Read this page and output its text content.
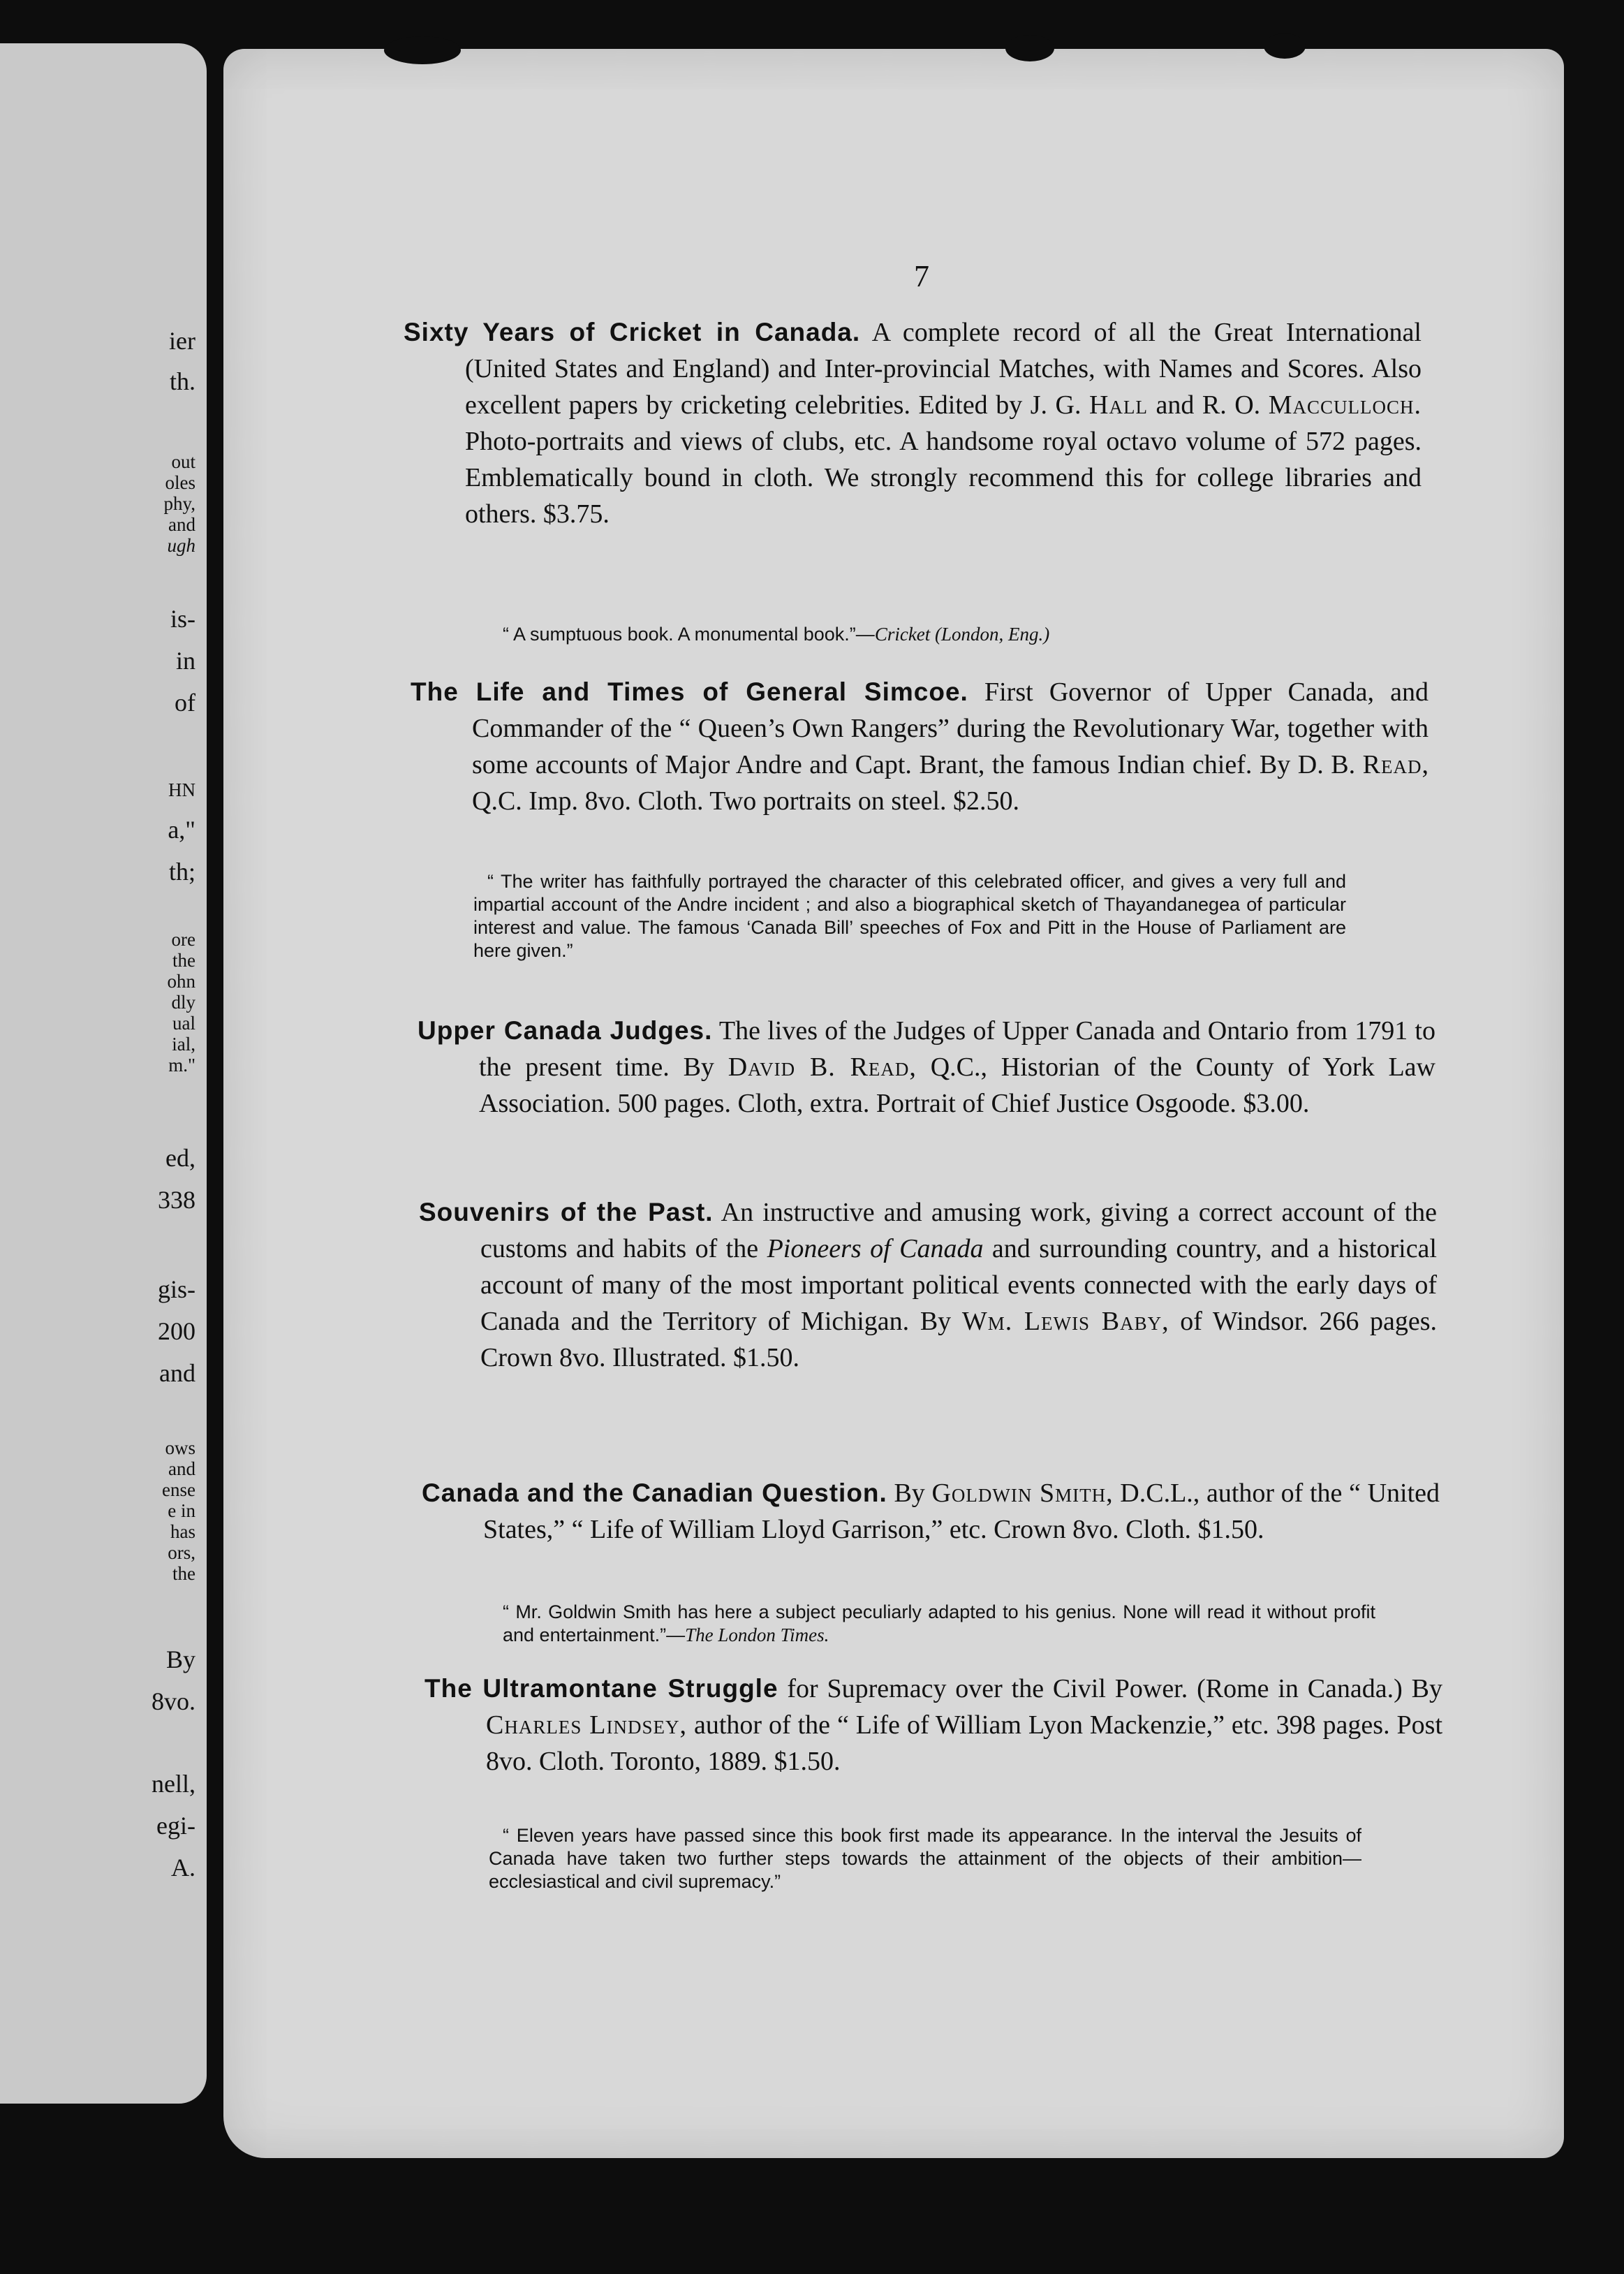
ier
th.
out
oles
phy,
and
ugh
is-
in
of
HN
a,"
th;
ore
the
ohn
dly
ual
ial,
m."
ed,
338
gis-
200
and
ows
and
ense
e in
has
ors,
the
By
8vo.
nell,
egi-
A.
7
Sixty Years of Cricket in Canada. A complete record of all the Great International (United States and England) and Inter-provincial Matches, with Names and Scores. Also excellent papers by cricketing celebrities. Edited by J. G. Hall and R. O. Macculloch. Photo-portraits and views of clubs, etc. A handsome royal octavo volume of 572 pages. Emblematically bound in cloth. We strongly recommend this for college libraries and others. $3.75.
“ A sumptuous book. A monumental book.”—Cricket (London, Eng.)
The Life and Times of General Simcoe. First Governor of Upper Canada, and Commander of the “ Queen’s Own Rangers” during the Revolutionary War, together with some accounts of Major Andre and Capt. Brant, the famous Indian chief. By D. B. Read, Q.C. Imp. 8vo. Cloth. Two portraits on steel. $2.50.
“ The writer has faithfully portrayed the character of this celebrated officer, and gives a very full and impartial account of the Andre incident ; and also a biographical sketch of Thayandanegea of particular interest and value. The famous ‘Canada Bill’ speeches of Fox and Pitt in the House of Parliament are here given.”
Upper Canada Judges. The lives of the Judges of Upper Canada and Ontario from 1791 to the present time. By David B. Read, Q.C., Historian of the County of York Law Association. 500 pages. Cloth, extra. Portrait of Chief Justice Osgoode. $3.00.
Souvenirs of the Past. An instructive and amusing work, giving a correct account of the customs and habits of the Pioneers of Canada and surrounding country, and a historical account of many of the most important political events connected with the early days of Canada and the Territory of Michigan. By Wm. Lewis Baby, of Windsor. 266 pages. Crown 8vo. Illustrated. $1.50.
Canada and the Canadian Question. By Goldwin Smith, D.C.L., author of the “ United States,” “ Life of William Lloyd Garrison,” etc. Crown 8vo. Cloth. $1.50.
“ Mr. Goldwin Smith has here a subject peculiarly adapted to his genius. None will read it without profit and entertainment.”—The London Times.
The Ultramontane Struggle for Supremacy over the Civil Power. (Rome in Canada.) By Charles Lindsey, author of the “ Life of William Lyon Mackenzie,” etc. 398 pages. Post 8vo. Cloth. Toronto, 1889. $1.50.
“ Eleven years have passed since this book first made its appearance. In the interval the Jesuits of Canada have taken two further steps towards the attainment of the objects of their ambition—ecclesiastical and civil supremacy.”
